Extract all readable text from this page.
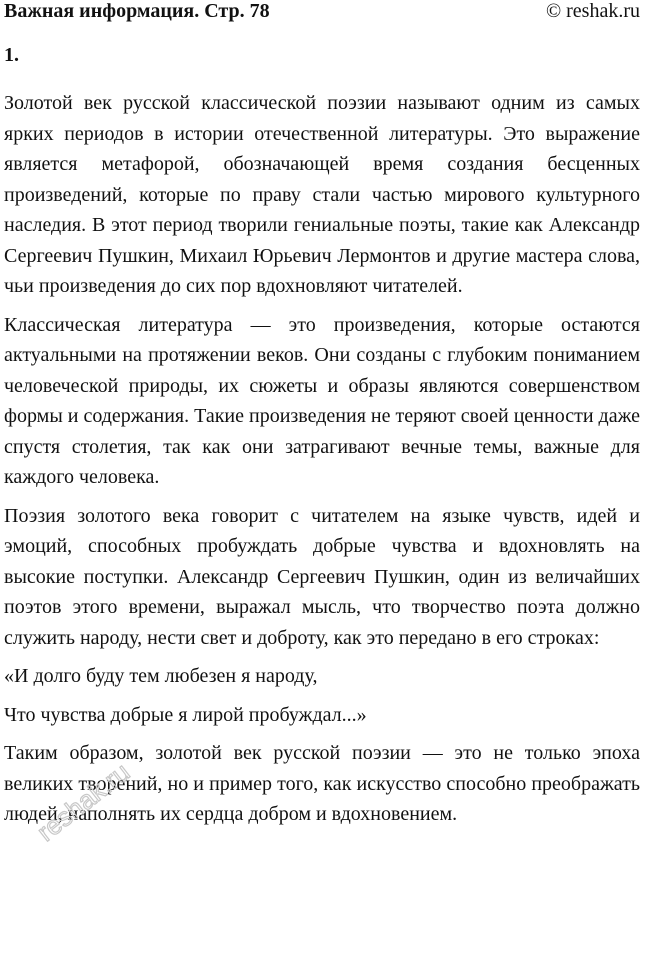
Важная информация. Стр. 78	© reshak.ru
1.

Золотой век русской классической поэзии называют одним из самых ярких периодов в истории отечественной литературы. Это выражение является метафорой, обозначающей время создания бесценных произведений, которые по праву стали частью мирового культурного наследия. В этот период творили гениальные поэты, такие как Александр Сергеевич Пушкин, Михаил Юрьевич Лермонтов и другие мастера слова, чьи произведения до сих пор вдохновляют читателей.

Классическая литература — это произведения, которые остаются актуальными на протяжении веков. Они созданы с глубоким пониманием человеческой природы, их сюжеты и образы являются совершенством формы и содержания. Такие произведения не теряют своей ценности даже спустя столетия, так как они затрагивают вечные темы, важные для каждого человека.

Поэзия золотого века говорит с читателем на языке чувств, идей и эмоций, способных пробуждать добрые чувства и вдохновлять на высокие поступки. Александр Сергеевич Пушкин, один из величайших поэтов этого времени, выражал мысль, что творчество поэта должно служить народу, нести свет и доброту, как это передано в его строках:

«И долго буду тем любезен я народу,

Что чувства добрые я лирой пробуждал...»

Таким образом, золотой век русской поэзии — это не только эпоха великих творений, но и пример того, как искусство способно преображать людей, наполнять их сердца добром и вдохновением.

reshak.ru
